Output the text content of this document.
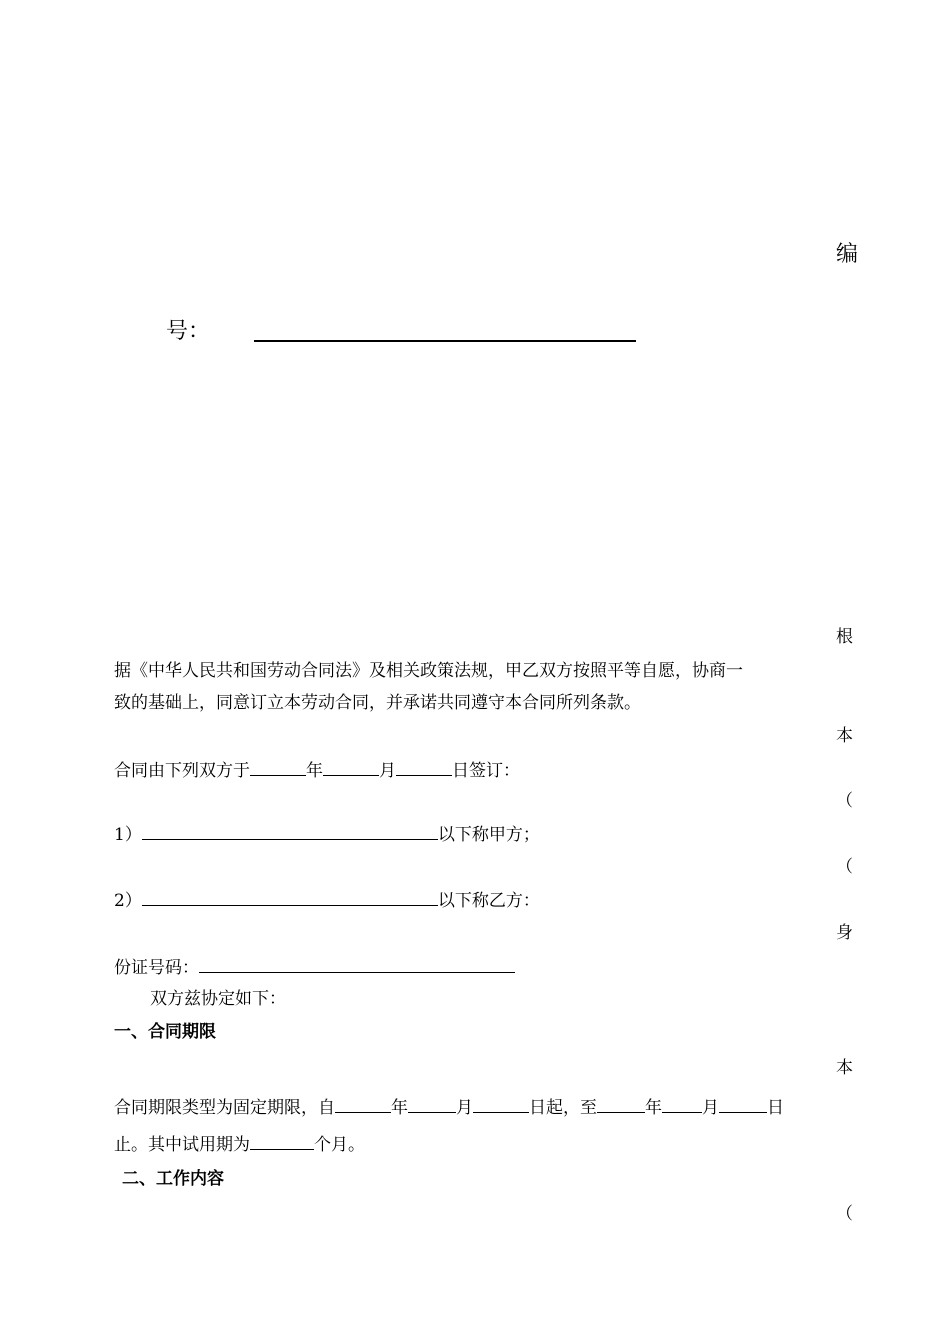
编
号：
根
据《中华人民共和国劳动合同法》及相关政策法规，甲乙双方按照平等自愿，协商一
致的基础上，同意订立本劳动合同，并承诺共同遵守本合同所列条款。
本
合同由下列双方于	年	月	日签订：
（
1）	以下称甲方；
（
2）	以下称乙方：
身
份证号码：
双方兹协定如下：
一、合同期限
本
合同期限类型为固定期限，自	年	月	日起，至	年 月	日
止。其中试用期为	个月。
二、工作内容
（
